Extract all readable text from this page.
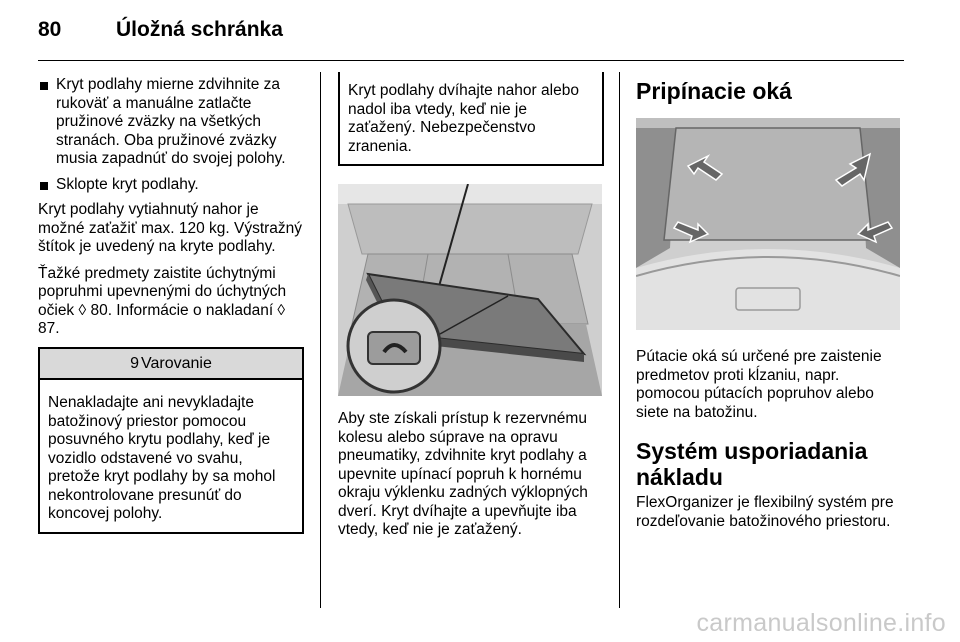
80	Úložná schránka
Kryt podlahy mierne zdvihnite za rukoväť a manuálne zatlačte pružinové zväzky na všetkých stranách. Oba pružinové zväzky musia zapadnúť do svojej polohy.
Sklopte kryt podlahy.

Kryt podlahy vytiahnutý nahor je možné zaťažiť max. 120 kg. Výstražný štítok je uvedený na kryte podlahy.

Ťažké predmety zaistite úchytnými popruhmi upevnenými do úchytných očiek ◊ 80. Informácie o nakladaní ◊ 87.

9 Varovanie
Nenakladajte ani nevykladajte batožinový priestor pomocou posuvného krytu podlahy, keď je vozidlo odstavené vo svahu, pretože kryt podlahy by sa mohol nekontrolovane presunúť do koncovej polohy.
Kryt podlahy dvíhajte nahor alebo nadol iba vtedy, keď nie je zaťažený. Nebezpečenstvo zranenia.

Aby ste získali prístup k rezervnému kolesu alebo súprave na opravu pneumatiky, zdvihnite kryt podlahy a upevnite upínací popruh k hornému okraju výklenku zadných výklopných dverí. Kryt dvíhajte a upevňujte iba vtedy, keď nie je zaťažený.

Pripínacie oká

Pútacie oká sú určené pre zaistenie predmetov proti kĺzaniu, napr. pomocou pútacích popruhov alebo siete na batožinu.

Systém usporiadania nákladu

FlexOrganizer je flexibilný systém pre rozdeľovanie batožinového priestoru.

carmanualsonline.info
